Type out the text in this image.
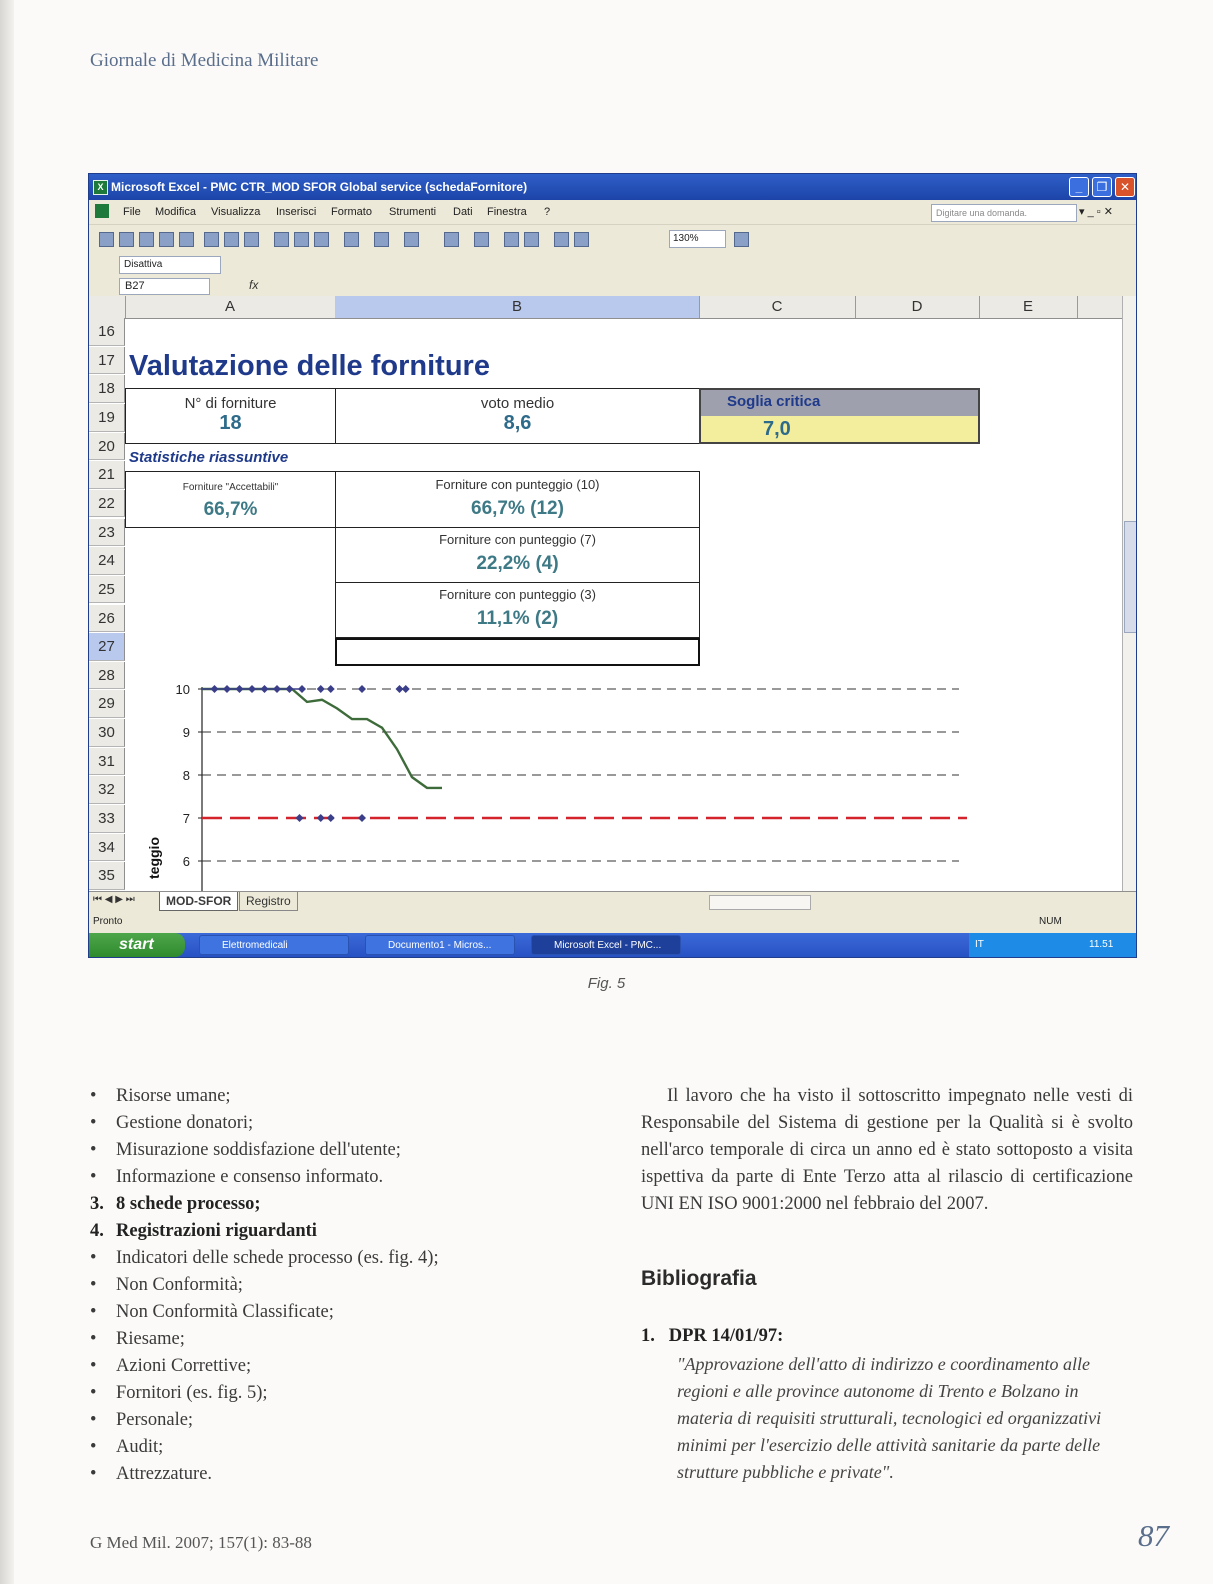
Giornale di Medicina Militare
X Microsoft Excel - PMC CTR_MOD SFOR Global service (schedaFornitore)	_	❐	✕
File Modifica Visualizza Inserisci Formato Strumenti Dati Finestra ?	▾ _ ▫ ✕
Digitare una domanda.
130%
Disattiva
B27	fx
A	B	C	D	E
Valutazione delle forniture
N° di forniture
18
voto medio
8,6
Soglia critica
7,0
Statistiche riassuntive
Forniture "Accettabili"
66,7%
Forniture con punteggio (10)
66,7% (12)
Forniture con punteggio (7)
22,2% (4)
Forniture con punteggio (3)
11,1% (2)
10
9
8
7
6
teggio
⏮ ◀ ▶ ⏭	MOD-SFOR	Registro
Pronto	NUM
start	Elettromedicali	Documento1 - Micros...	Microsoft Excel - PMC...	IT	11.51
16
17
18
19
20
21
22
23
24
25
26
27
28
29
30
31
32
33
34
35
Fig. 5
• Risorse umane;
• Gestione donatori;
• Misurazione soddisfazione dell'utente;
• Informazione e consenso informato.
3. 8 schede processo;
4. Registrazioni riguardanti
• Indicatori delle schede processo (es. fig. 4);
• Non Conformità;
• Non Conformità Classificate;
• Riesame;
• Azioni Correttive;
• Fornitori (es. fig. 5);
• Personale;
• Audit;
• Attrezzature.
Il lavoro che ha visto il sottoscritto impegnato nelle vesti di Responsabile del Sistema di gestione per la Qualità si è svolto nell'arco temporale di circa un anno ed è stato sottoposto a visita ispettiva da parte di Ente Terzo atta al rilascio di certificazione UNI EN ISO 9001:2000 nel febbraio del 2007.
Bibliografia
1. DPR 14/01/97:
"Approvazione dell'atto di indirizzo e coordinamento alle regioni e alle province autonome di Trento e Bolzano in materia di requisiti strutturali, tecnologici ed organizzativi minimi per l'esercizio delle attività sanitarie da parte delle strutture pubbliche e private".
G Med Mil. 2007; 157(1): 83-88	87
